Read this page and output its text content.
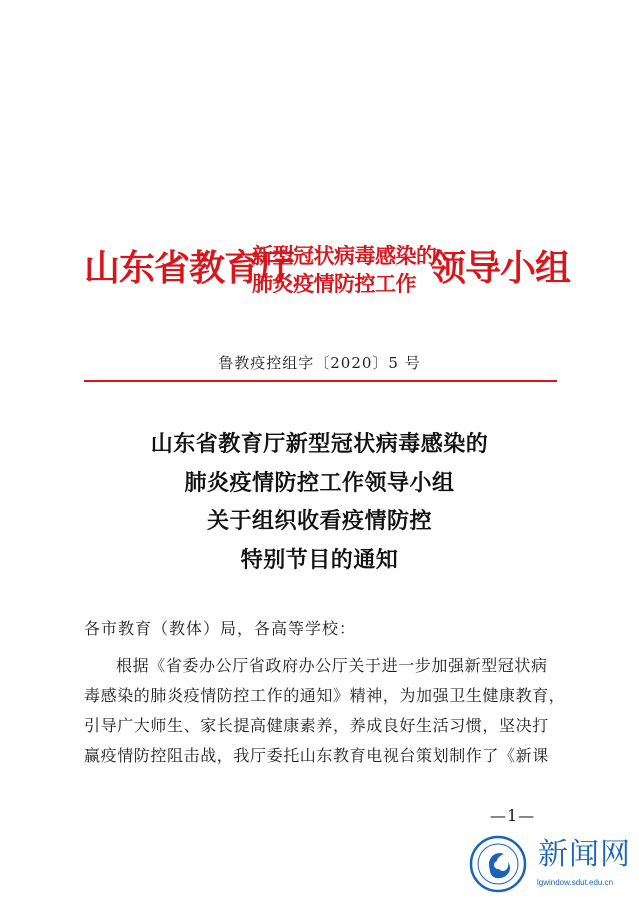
山东省教育厅
新型冠状病毒感染的
肺炎疫情防控工作 领导小组
鲁教疫控组字〔2020〕5 号
山东省教育厅新型冠状病毒感染的
肺炎疫情防控工作领导小组
关于组织收看疫情防控
特别节目的通知
各市教育（教体）局，各高等学校：
根据《省委办公厅省政府办公厅关于进一步加强新型冠状病
毒感染的肺炎疫情防控工作的通知》精神，为加强卫生健康教育，
引导广大师生、家长提高健康素养，养成良好生活习惯，坚决打
赢疫情防控阻击战，我厅委托山东教育电视台策划制作了《新课
—1—
新闻网
lgwindow.sdut.edu.cn
